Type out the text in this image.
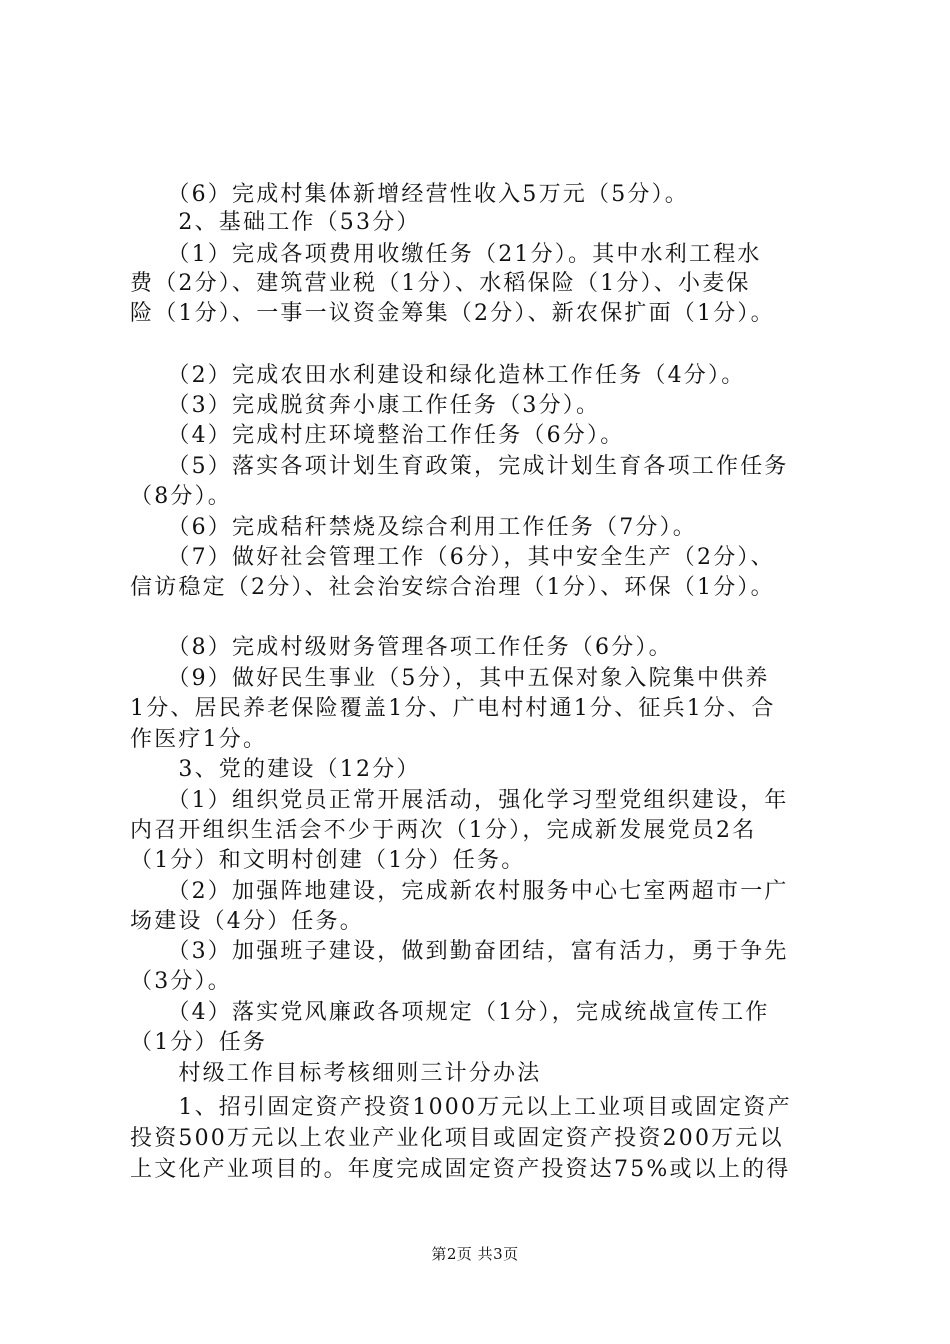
　　（6）完成村集体新增经营性收入5万元（5分）。
　　2、基础工作（53分）
　　（1）完成各项费用收缴任务（21分）。其中水利工程水
费（2分）、建筑营业税（1分）、水稻保险（1分）、小麦保
险（1分）、一事一议资金筹集（2分）、新农保扩面（1分）。
　　（2）完成农田水利建设和绿化造林工作任务（4分）。
　　（3）完成脱贫奔小康工作任务（3分）。
　　（4）完成村庄环境整治工作任务（6分）。
　　（5）落实各项计划生育政策，完成计划生育各项工作任务
（8分）。
　　（6）完成秸秆禁烧及综合利用工作任务（7分）。
　　（7）做好社会管理工作（6分），其中安全生产（2分）、
信访稳定（2分）、社会治安综合治理（1分）、环保（1分）。
　　（8）完成村级财务管理各项工作任务（6分）。
　　（9）做好民生事业（5分），其中五保对象入院集中供养
1分、居民养老保险覆盖1分、广电村村通1分、征兵1分、合
作医疗1分。
　　3、党的建设（12分）
　　（1）组织党员正常开展活动，强化学习型党组织建设，年
内召开组织生活会不少于两次（1分），完成新发展党员2名
（1分）和文明村创建（1分）任务。
　　（2）加强阵地建设，完成新农村服务中心七室两超市一广
场建设（4分）任务。
　　（3）加强班子建设，做到勤奋团结，富有活力，勇于争先
（3分）。
　　（4）落实党风廉政各项规定（1分），完成统战宣传工作
（1分）任务
　　村级工作目标考核细则三计分办法
　　1、招引固定资产投资1000万元以上工业项目或固定资产
投资500万元以上农业产业化项目或固定资产投资200万元以
上文化产业项目的。年度完成固定资产投资达75%或以上的得
第2页 共3页
